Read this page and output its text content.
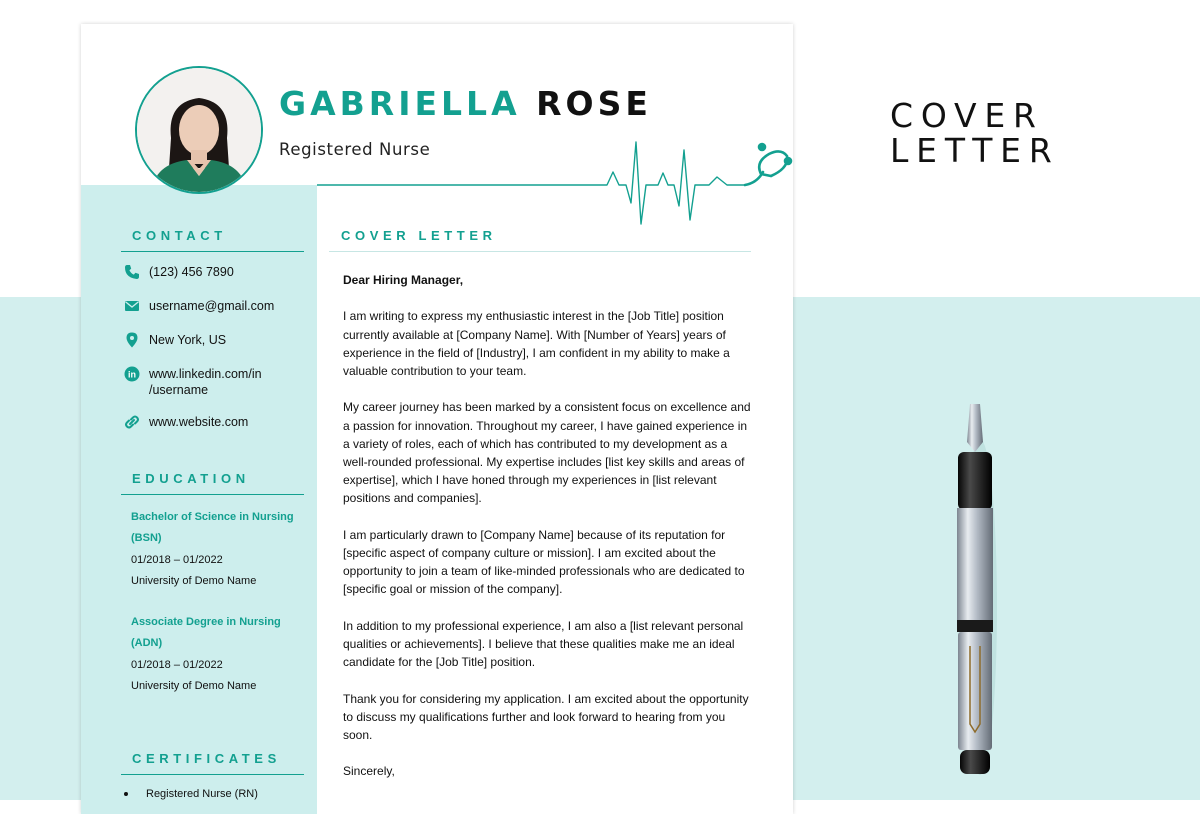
GABRIELLA ROSE

Registered Nurse

CONTACT
(123) 456 7890
username@gmail.com
New York, US
in www.linkedin.com/in
/username
www.website.com
EDUCATION

Bachelor of Science in Nursing (BSN)

01/2018 – 01/2022

University of Demo Name

Associate Degree in Nursing (ADN)

01/2018 – 01/2022

University of Demo Name

CERTIFICATES
Registered Nurse (RN)
COVER LETTER

Dear Hiring Manager,

I am writing to express my enthusiastic interest in the [Job Title] position currently available at [Company Name]. With [Number of Years] years of experience in the field of [Industry], I am confident in my ability to make a valuable contribution to your team.

My career journey has been marked by a consistent focus on excellence and a passion for innovation. Throughout my career, I have gained experience in a variety of roles, each of which has contributed to my development as a well-rounded professional. My expertise includes [list key skills and areas of expertise], which I have honed through my experiences in [list relevant positions and companies].

I am particularly drawn to [Company Name] because of its reputation for [specific aspect of company culture or mission]. I am excited about the opportunity to join a team of like-minded professionals who are dedicated to [specific goal or mission of the company].

In addition to my professional experience, I am also a [list relevant personal qualities or achievements]. I believe that these qualities make me an ideal candidate for the [Job Title] position.

Thank you for considering my application. I am excited about the opportunity to discuss my qualifications further and look forward to hearing from you soon.

Sincerely,

COVER
LETTER
